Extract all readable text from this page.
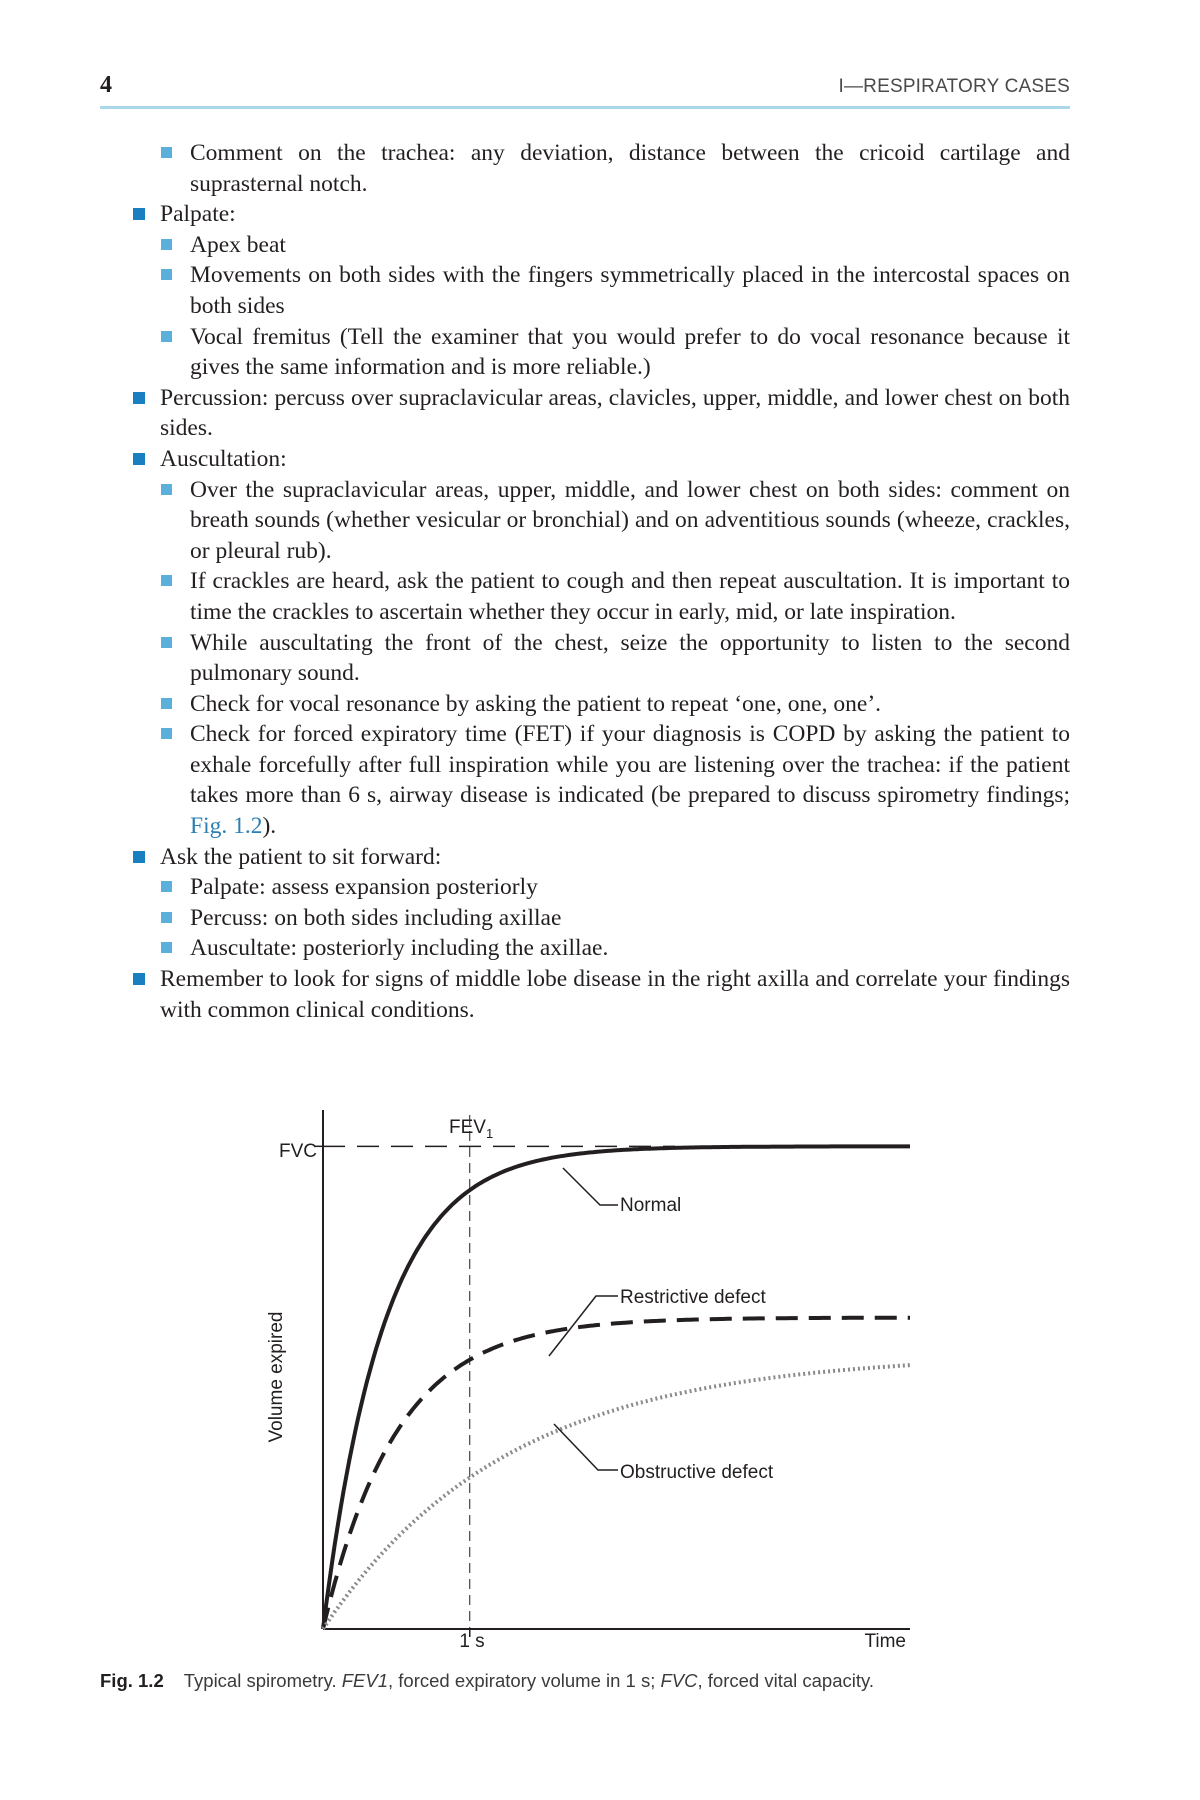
4	I—RESPIRATORY CASES
Comment on the trachea: any deviation, distance between the cricoid cartilage and suprasternal notch.
Palpate:
Apex beat
Movements on both sides with the fingers symmetrically placed in the intercostal spaces on both sides
Vocal fremitus (Tell the examiner that you would prefer to do vocal resonance because it gives the same information and is more reliable.)
Percussion: percuss over supraclavicular areas, clavicles, upper, middle, and lower chest on both sides.
Auscultation:
Over the supraclavicular areas, upper, middle, and lower chest on both sides: comment on breath sounds (whether vesicular or bronchial) and on adventitious sounds (wheeze, crackles, or pleural rub).
If crackles are heard, ask the patient to cough and then repeat auscultation. It is important to time the crackles to ascertain whether they occur in early, mid, or late inspiration.
While auscultating the front of the chest, seize the opportunity to listen to the second pulmonary sound.
Check for vocal resonance by asking the patient to repeat ‘one, one, one’.
Check for forced expiratory time (FET) if your diagnosis is COPD by asking the patient to exhale forcefully after full inspiration while you are listening over the trachea: if the patient takes more than 6 s, airway disease is indicated (be prepared to discuss spirometry findings; Fig. 1.2).
Ask the patient to sit forward:
Palpate: assess expansion posteriorly
Percuss: on both sides including axillae
Auscultate: posteriorly including the axillae.
Remember to look for signs of middle lobe disease in the right axilla and correlate your findings with common clinical conditions.
Volume expired
FVC
$FEV_1$
1 s	Time
Normal
Restrictive defect
Obstructive defect
Fig. 1.2 Typical spirometry. FEV1, forced expiratory volume in 1 s; FVC, forced vital capacity.
